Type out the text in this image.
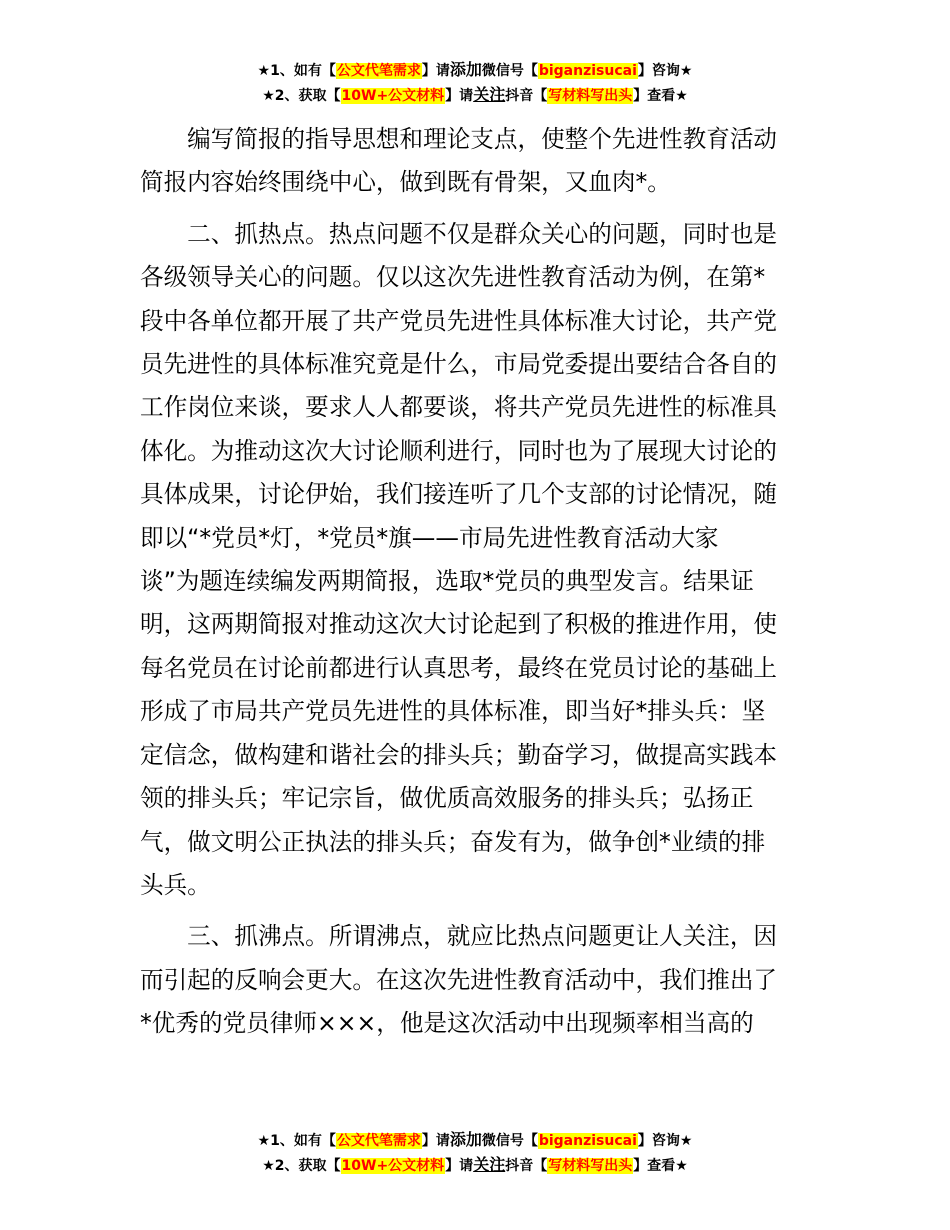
★1、如有【公文代笔需求】请添加微信号【biganzisucai】咨询★
★2、获取【10W+公文材料】请关注抖音【写材料写出头】查看★

　　编写简报的指导思想和理论支点，使整个先进性教育活动
简报内容始终围绕中心，做到既有骨架，又血肉*。

　　二、抓热点。热点问题不仅是群众关心的问题，同时也是
各级领导关心的问题。仅以这次先进性教育活动为例，在第*
段中各单位都开展了共产党员先进性具体标准大讨论，共产党
员先进性的具体标准究竟是什么，市局党委提出要结合各自的
工作岗位来谈，要求人人都要谈，将共产党员先进性的标准具
体化。为推动这次大讨论顺利进行，同时也为了展现大讨论的
具体成果，讨论伊始，我们接连听了几个支部的讨论情况，随
即以“*党员*灯，*党员*旗——市局先进性教育活动大家
谈”为题连续编发两期简报，选取*党员的典型发言。结果证
明，这两期简报对推动这次大讨论起到了积极的推进作用，使
每名党员在讨论前都进行认真思考，最终在党员讨论的基础上
形成了市局共产党员先进性的具体标准，即当好*排头兵：坚
定信念，做构建和谐社会的排头兵；勤奋学习，做提高实践本
领的排头兵；牢记宗旨，做优质高效服务的排头兵；弘扬正
气，做文明公正执法的排头兵；奋发有为，做争创*业绩的排
头兵。

　　三、抓沸点。所谓沸点，就应比热点问题更让人关注，因
而引起的反响会更大。在这次先进性教育活动中，我们推出了
*优秀的党员律师×××，他是这次活动中出现频率相当高的

★1、如有【公文代笔需求】请添加微信号【biganzisucai】咨询★
★2、获取【10W+公文材料】请关注抖音【写材料写出头】查看★
